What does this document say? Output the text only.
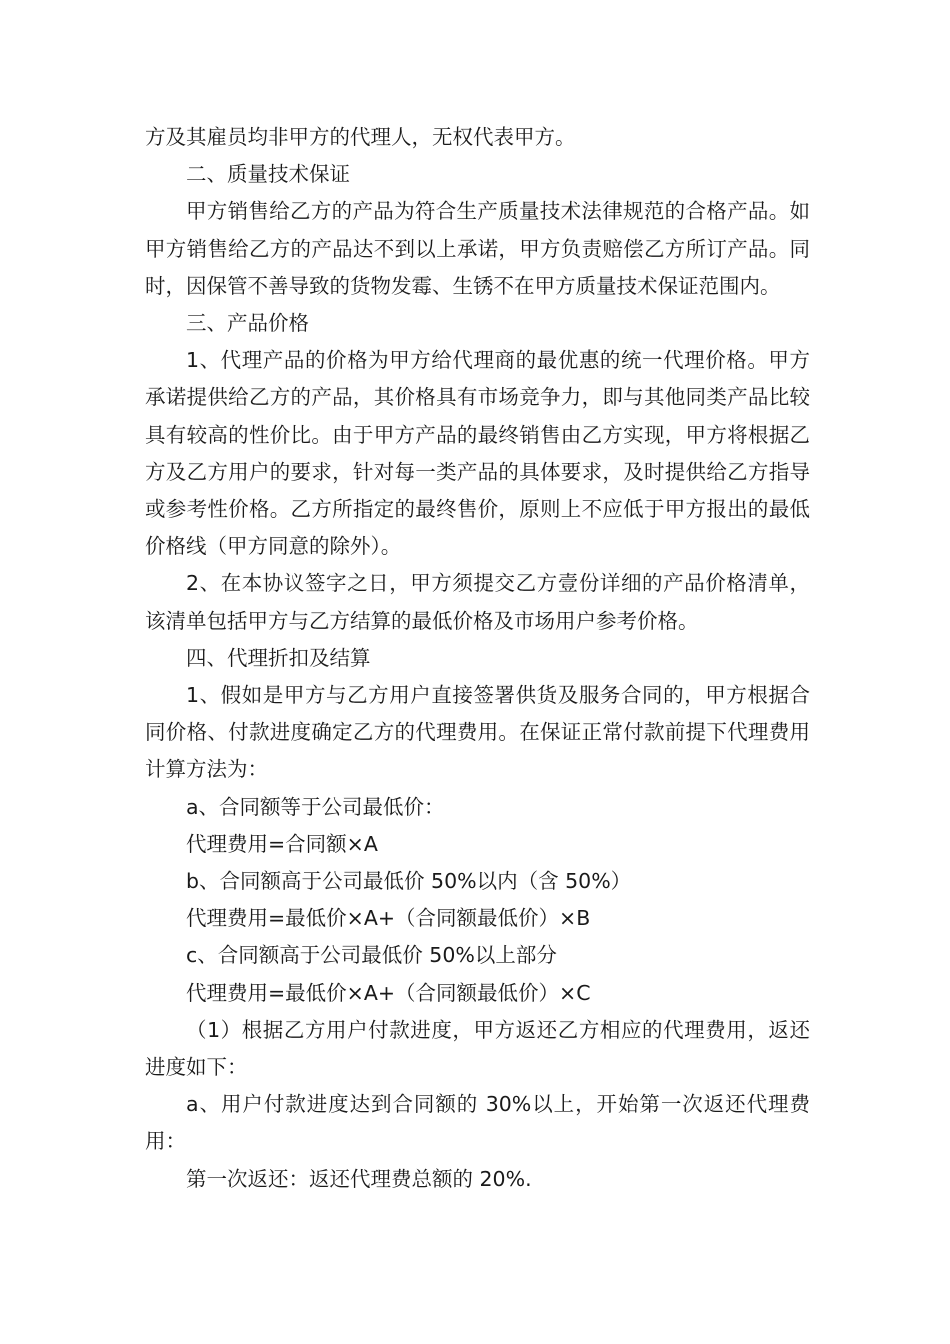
方及其雇员均非甲方的代理人，无权代表甲方。

二、质量技术保证

甲方销售给乙方的产品为符合生产质量技术法律规范的合格产品。如甲方销售给乙方的产品达不到以上承诺，甲方负责赔偿乙方所订产品。同时，因保管不善导致的货物发霉、生锈不在甲方质量技术保证范围内。

三、产品价格

1、代理产品的价格为甲方给代理商的最优惠的统一代理价格。甲方承诺提供给乙方的产品，其价格具有市场竞争力，即与其他同类产品比较具有较高的性价比。由于甲方产品的最终销售由乙方实现，甲方将根据乙方及乙方用户的要求，针对每一类产品的具体要求，及时提供给乙方指导或参考性价格。乙方所指定的最终售价，原则上不应低于甲方报出的最低价格线（甲方同意的除外）。

2、在本协议签字之日，甲方须提交乙方壹份详细的产品价格清单，该清单包括甲方与乙方结算的最低价格及市场用户参考价格。

四、代理折扣及结算

1、假如是甲方与乙方用户直接签署供货及服务合同的，甲方根据合同价格、付款进度确定乙方的代理费用。在保证正常付款前提下代理费用计算方法为：

a、合同额等于公司最低价：

代理费用=合同额×A

b、合同额高于公司最低价 50%以内（含 50%）

代理费用=最低价×A+（合同额最低价）×B

c、合同额高于公司最低价 50%以上部分

代理费用=最低价×A+（合同额最低价）×C

（1）根据乙方用户付款进度，甲方返还乙方相应的代理费用，返还进度如下：

a、用户付款进度达到合同额的 30%以上，开始第一次返还代理费用：

第一次返还：返还代理费总额的 20%.
